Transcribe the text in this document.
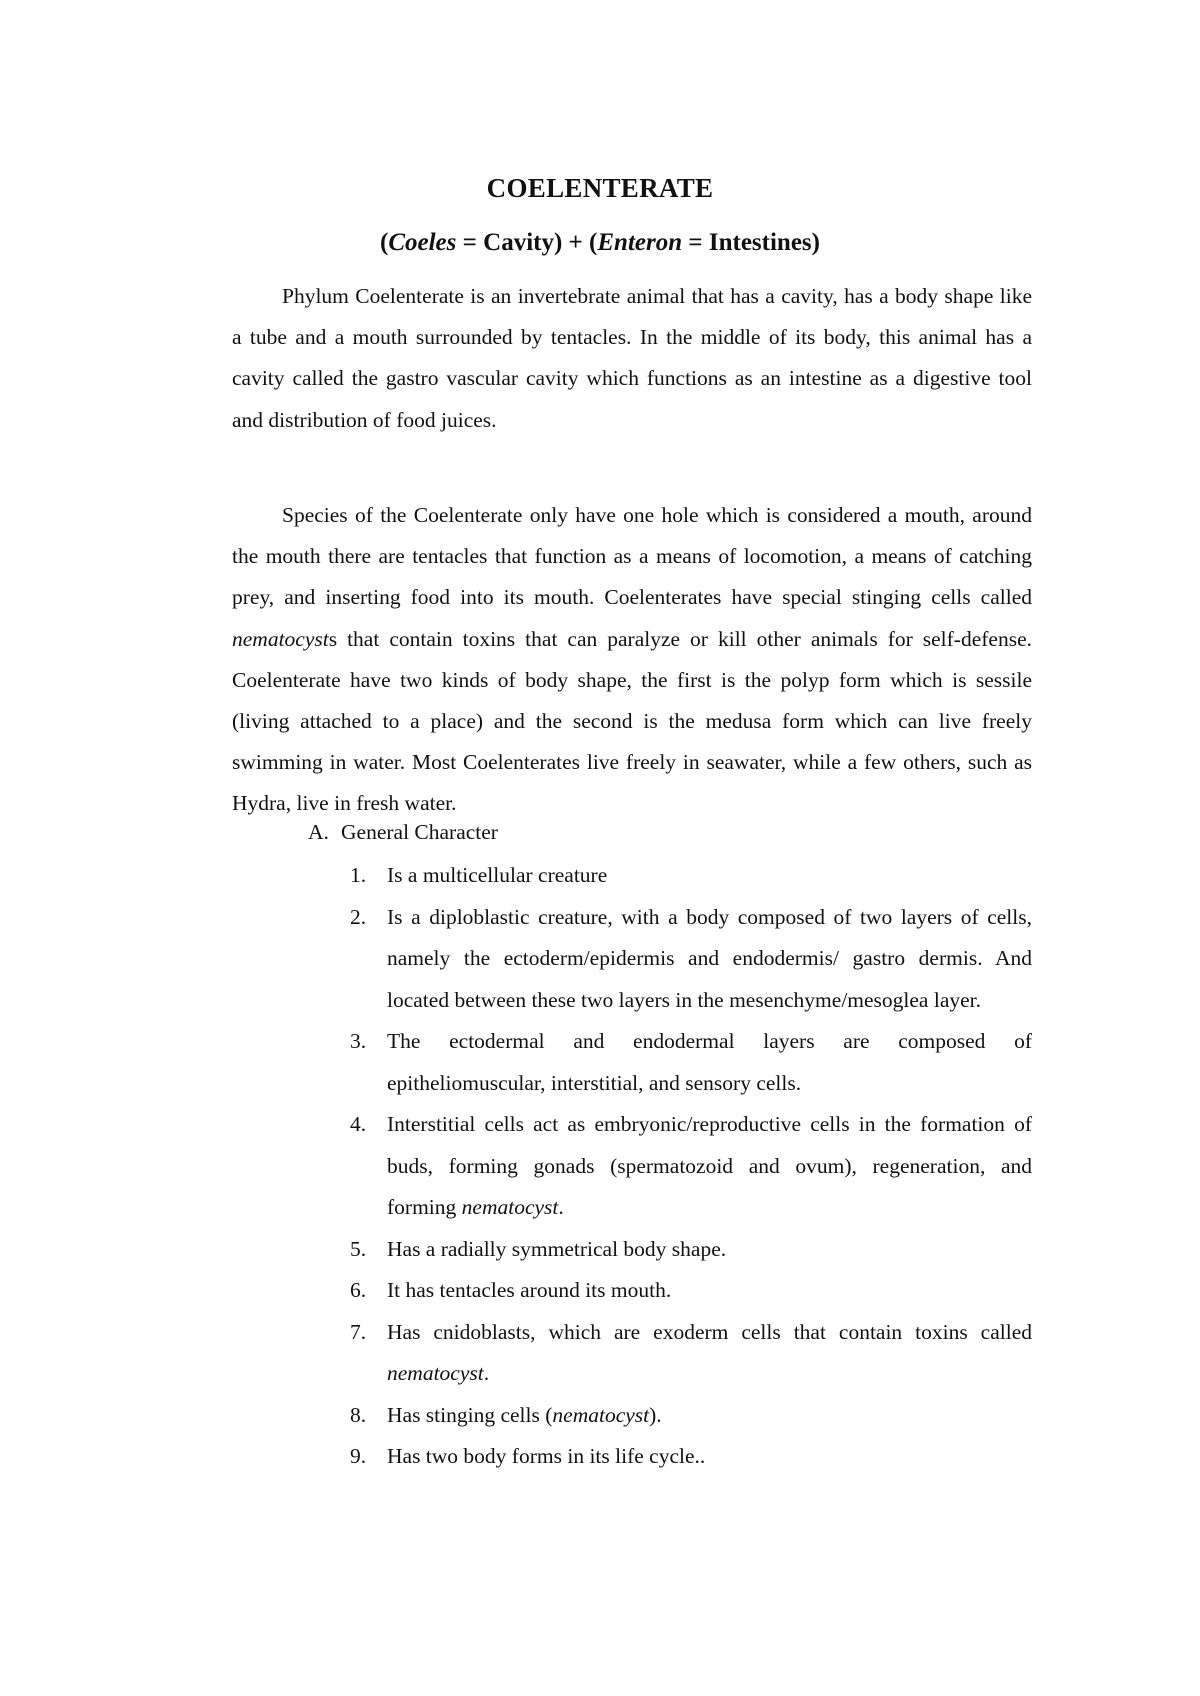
COELENTERATE
(Coeles = Cavity) + (Enteron = Intestines)

Phylum Coelenterate is an invertebrate animal that has a cavity, has a body shape like a tube and a mouth surrounded by tentacles. In the middle of its body, this animal has a cavity called the gastro vascular cavity which functions as an intestine as a digestive tool and distribution of food juices.

Species of the Coelenterate only have one hole which is considered a mouth, around the mouth there are tentacles that function as a means of locomotion, a means of catching prey, and inserting food into its mouth. Coelenterates have special stinging cells called nematocysts that contain toxins that can paralyze or kill other animals for self-defense. Coelenterate have two kinds of body shape, the first is the polyp form which is sessile (living attached to a place) and the second is the medusa form which can live freely swimming in water. Most Coelenterates live freely in seawater, while a few others, such as Hydra, live in fresh water.

A. General Character
1. Is a multicellular creature
2. Is a diploblastic creature, with a body composed of two layers of cells, namely the ectoderm/epidermis and endodermis/ gastro dermis. And located between these two layers in the mesenchyme/mesoglea layer.
3. The ectodermal and endodermal layers are composed of epitheliomuscular, interstitial, and sensory cells.
4. Interstitial cells act as embryonic/reproductive cells in the formation of buds, forming gonads (spermatozoid and ovum), regeneration, and forming nematocyst.
5. Has a radially symmetrical body shape.
6. It has tentacles around its mouth.
7. Has cnidoblasts, which are exoderm cells that contain toxins called nematocyst.
8. Has stinging cells (nematocyst).
9. Has two body forms in its life cycle..
